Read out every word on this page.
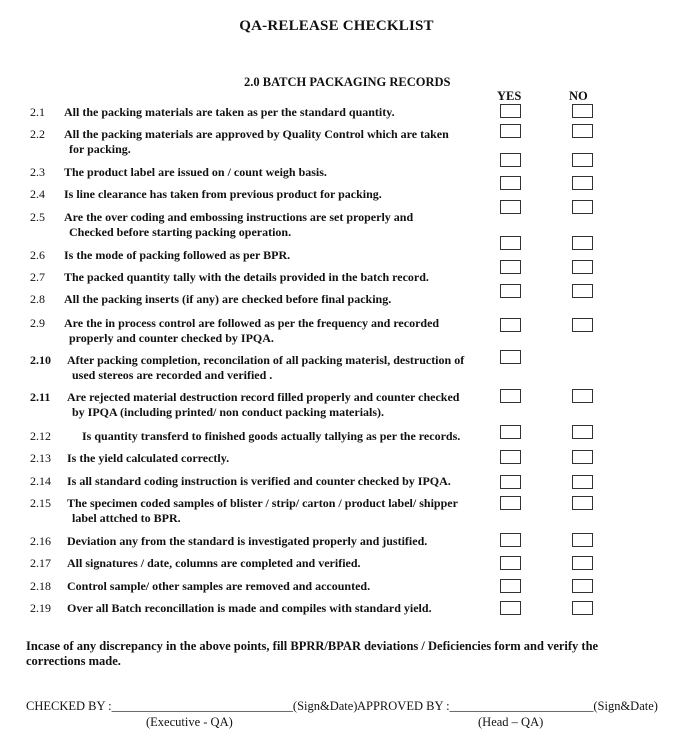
QA-RELEASE CHECKLIST
2.0 BATCH PACKAGING RECORDS
YES	NO
2.1 All the packing materials are taken as per the standard quantity.
2.2 All the packing materials are approved by Quality Control which are taken
for packing.
2.3 The product label are issued on / count weigh basis.
2.4 Is line clearance has taken from previous product for packing.
2.5 Are the over coding and embossing instructions are set properly and
Checked before starting packing operation.
2.6 Is the mode of packing followed as per BPR.
2.7 The packed quantity tally with the details provided in the batch record.
2.8 All the packing inserts (if any) are checked before final packing.
2.9 Are the in process control are followed as per the frequency and recorded
properly and counter checked by IPQA.
2.10 After packing completion, reconcilation of all packing materisl, destruction of
used stereos are recorded and verified .
2.11 Are rejected material destruction record filled properly and counter checked
by IPQA (including printed/ non conduct packing materials).
2.12	Is quantity transferd to finished goods actually tallying as per the records.
2.13 Is the yield calculated correctly.
2.14 Is all standard coding instruction is verified and counter checked by IPQA.
2.15 The specimen coded samples of blister / strip/ carton / product label/ shipper
label attched to BPR.
2.16 Deviation any from the standard is investigated properly and justified.
2.17 All signatures / date, columns are completed and verified.
2.18 Control sample/ other samples are removed and accounted.
2.19 Over all Batch reconcillation is made and compiles with standard yield.
Incase of any discrepancy in the above points, fill BPRR/BPAR deviations / Deficiencies form and verify the corrections made.
CHECKED BY :_____________________________(Sign&Date)
(Executive - QA)
APPROVED BY :_______________________(Sign&Date)
(Head – QA)
